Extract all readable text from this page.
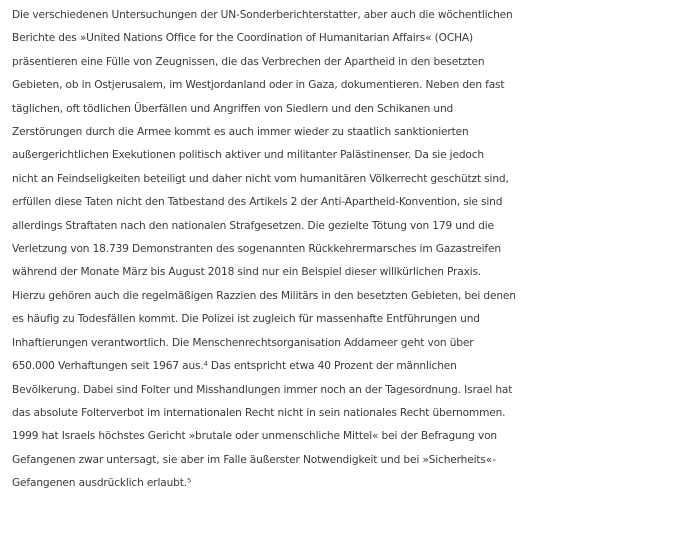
Die verschiedenen Untersuchungen der UN-Sonderberichterstatter, aber auch die wöchentlichen
Berichte des »United Nations Office for the Coordination of Humanitarian Affairs« (OCHA)
präsentieren eine Fülle von Zeugnissen, die das Verbrechen der Apartheid in den besetzten
Gebieten, ob in Ostjerusalem, im Westjordanland oder in Gaza, dokumentieren. Neben den fast
täglichen, oft tödlichen Überfällen und Angriffen von Siedlern und den Schikanen und
Zerstörungen durch die Armee kommt es auch immer wieder zu staatlich sanktionierten
außergerichtlichen Exekutionen politisch aktiver und militanter Palästinenser. Da sie jedoch
nicht an Feindseligkeiten beteiligt und daher nicht vom humanitären Völkerrecht geschützt sind,
erfüllen diese Taten nicht den Tatbestand des Artikels 2 der Anti-Apartheid-Konvention, sie sind
allerdings Straftaten nach den nationalen Strafgesetzen. Die gezielte Tötung von 179 und die
Verletzung von 18.739 Demonstranten des sogenannten Rückkehrermarsches im Gazastreifen
während der Monate März bis August 2018 sind nur ein Beispiel dieser willkürlichen Praxis.
Hierzu gehören auch die regelmäßigen Razzien des Militärs in den besetzten Gebieten, bei denen
es häufig zu Todesfällen kommt. Die Polizei ist zugleich für massenhafte Entführungen und
Inhaftierungen verantwortlich. Die Menschenrechtsorganisation Addameer geht von über
650.000 Verhaftungen seit 1967 aus.⁴ Das entspricht etwa 40 Prozent der männlichen
Bevölkerung. Dabei sind Folter und Misshandlungen immer noch an der Tagesordnung. Israel hat
das absolute Folterverbot im internationalen Recht nicht in sein nationales Recht übernommen.
1999 hat Israels höchstes Gericht »brutale oder unmenschliche Mittel« bei der Befragung von
Gefangenen zwar untersagt, sie aber im Falle äußerster Notwendigkeit und bei »Sicherheits«-
Gefangenen ausdrücklich erlaubt.⁵
